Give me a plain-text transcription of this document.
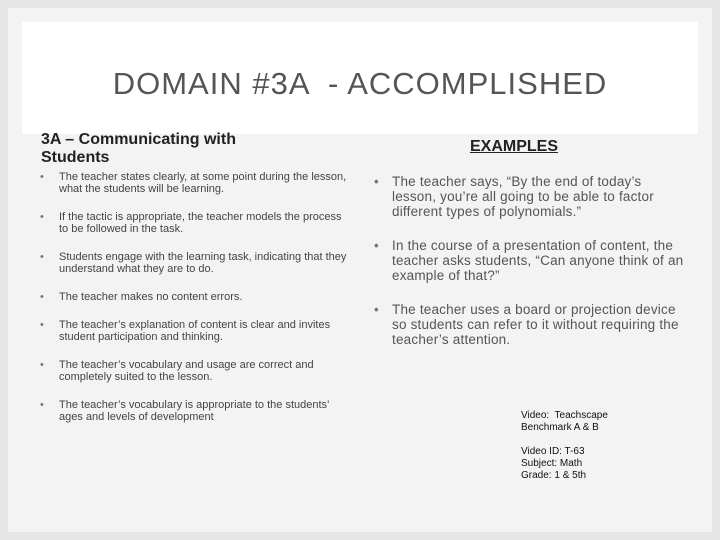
DOMAIN #3A  - ACCOMPLISHED
3A – Communicating with Students
EXAMPLES
• The teacher states clearly, at some point during the lesson, what the students will be learning.
• If the tactic is appropriate, the teacher models the process to be followed in the task.
• Students engage with the learning task, indicating that they understand what they are to do.
• The teacher makes no content errors.
• The teacher’s explanation of content is clear and invites student participation and thinking.
• The teacher’s vocabulary and usage are correct and completely suited to the lesson.
• The teacher’s vocabulary is appropriate to the students’ ages and levels of development
• The teacher says, “By the end of today’s lesson, you’re all going to be able to factor different types of polynomials.”
• In the course of a presentation of content, the teacher asks students, “Can anyone think of an example of that?”
• The teacher uses a board or projection device so students can refer to it without requiring the teacher’s attention.
Video:  Teachscape
Benchmark A & B
Video ID: T-63
Subject: Math
Grade: 1 & 5th
